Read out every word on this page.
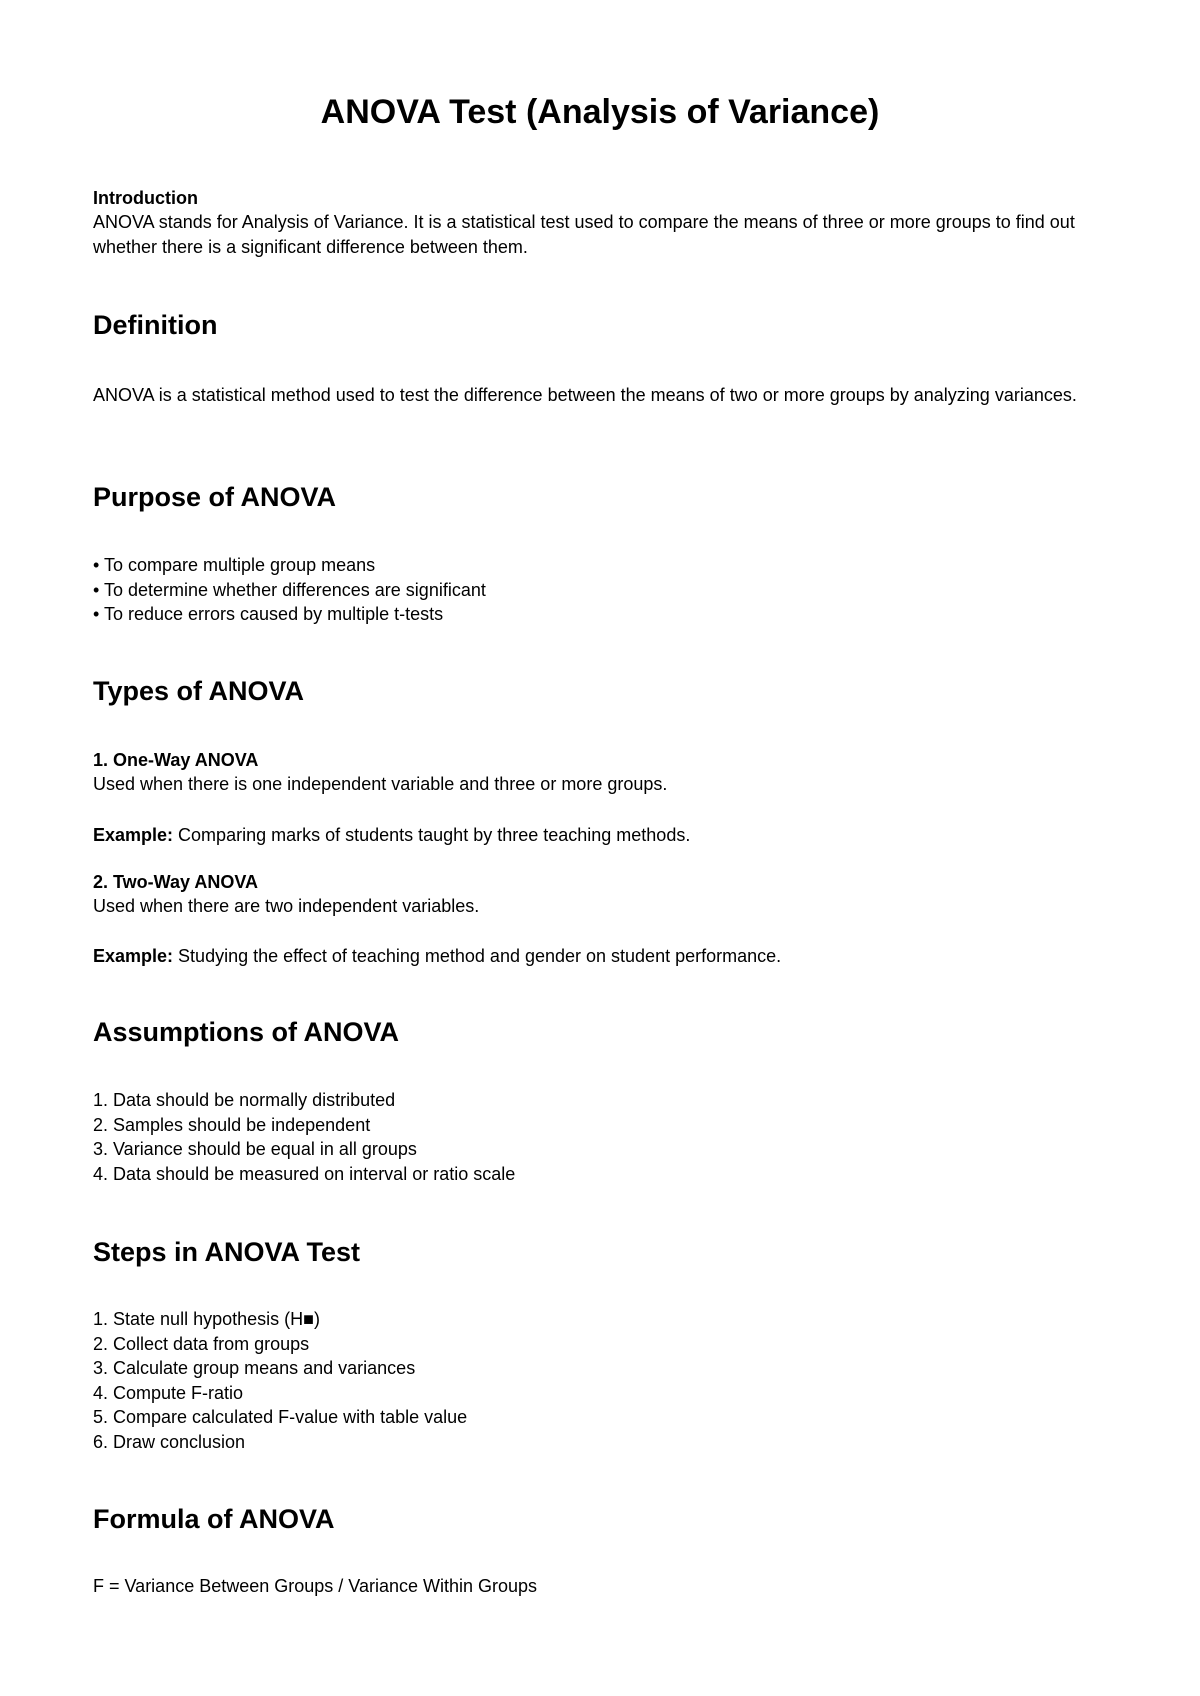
ANOVA Test (Analysis of Variance)

Introduction

ANOVA stands for Analysis of Variance. It is a statistical test used to compare the means of three or more groups to find out whether there is a significant difference between them.

Definition

ANOVA is a statistical method used to test the difference between the means of two or more groups by analyzing variances.

Purpose of ANOVA
• To compare multiple group means
• To determine whether differences are significant
• To reduce errors caused by multiple t-tests
Types of ANOVA

1. One-Way ANOVA

Used when there is one independent variable and three or more groups.

Example: Comparing marks of students taught by three teaching methods.

2. Two-Way ANOVA

Used when there are two independent variables.

Example: Studying the effect of teaching method and gender on student performance.

Assumptions of ANOVA
1. Data should be normally distributed
2. Samples should be independent
3. Variance should be equal in all groups
4. Data should be measured on interval or ratio scale
Steps in ANOVA Test
1. State null hypothesis (H■)
2. Collect data from groups
3. Calculate group means and variances
4. Compute F-ratio
5. Compare calculated F-value with table value
6. Draw conclusion
Formula of ANOVA

F = Variance Between Groups / Variance Within Groups
